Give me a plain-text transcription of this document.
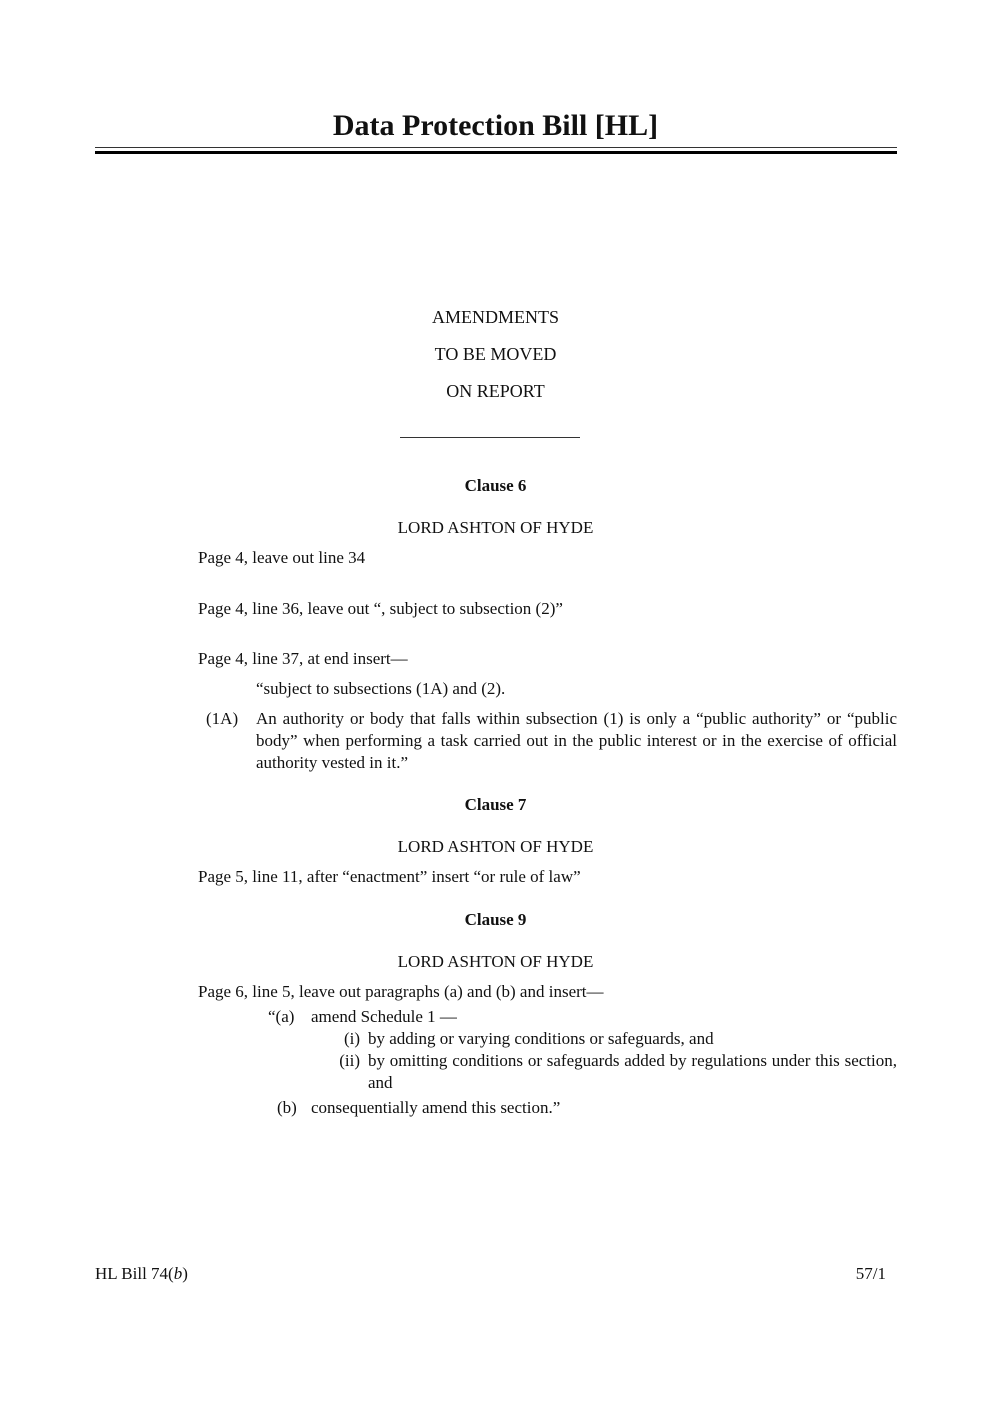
Data Protection Bill [HL]
AMENDMENTS
TO BE MOVED
ON REPORT
Clause 6
LORD ASHTON OF HYDE
Page 4, leave out line 34
Page 4, line 36, leave out “, subject to subsection (2)”
Page 4, line 37, at end insert—
“subject to subsections (1A) and (2).
(1A) An authority or body that falls within subsection (1) is only a “public authority” or “public body” when performing a task carried out in the public interest or in the exercise of official authority vested in it.”
Clause 7
LORD ASHTON OF HYDE
Page 5, line 11, after “enactment” insert “or rule of law”
Clause 9
LORD ASHTON OF HYDE
Page 6, line 5, leave out paragraphs (a) and (b) and insert—
“(a) amend Schedule 1 —
(i) by adding or varying conditions or safeguards, and
(ii) by omitting conditions or safeguards added by regulations under this section, and
(b) consequentially amend this section.”
HL Bill 74(b)	57/1
